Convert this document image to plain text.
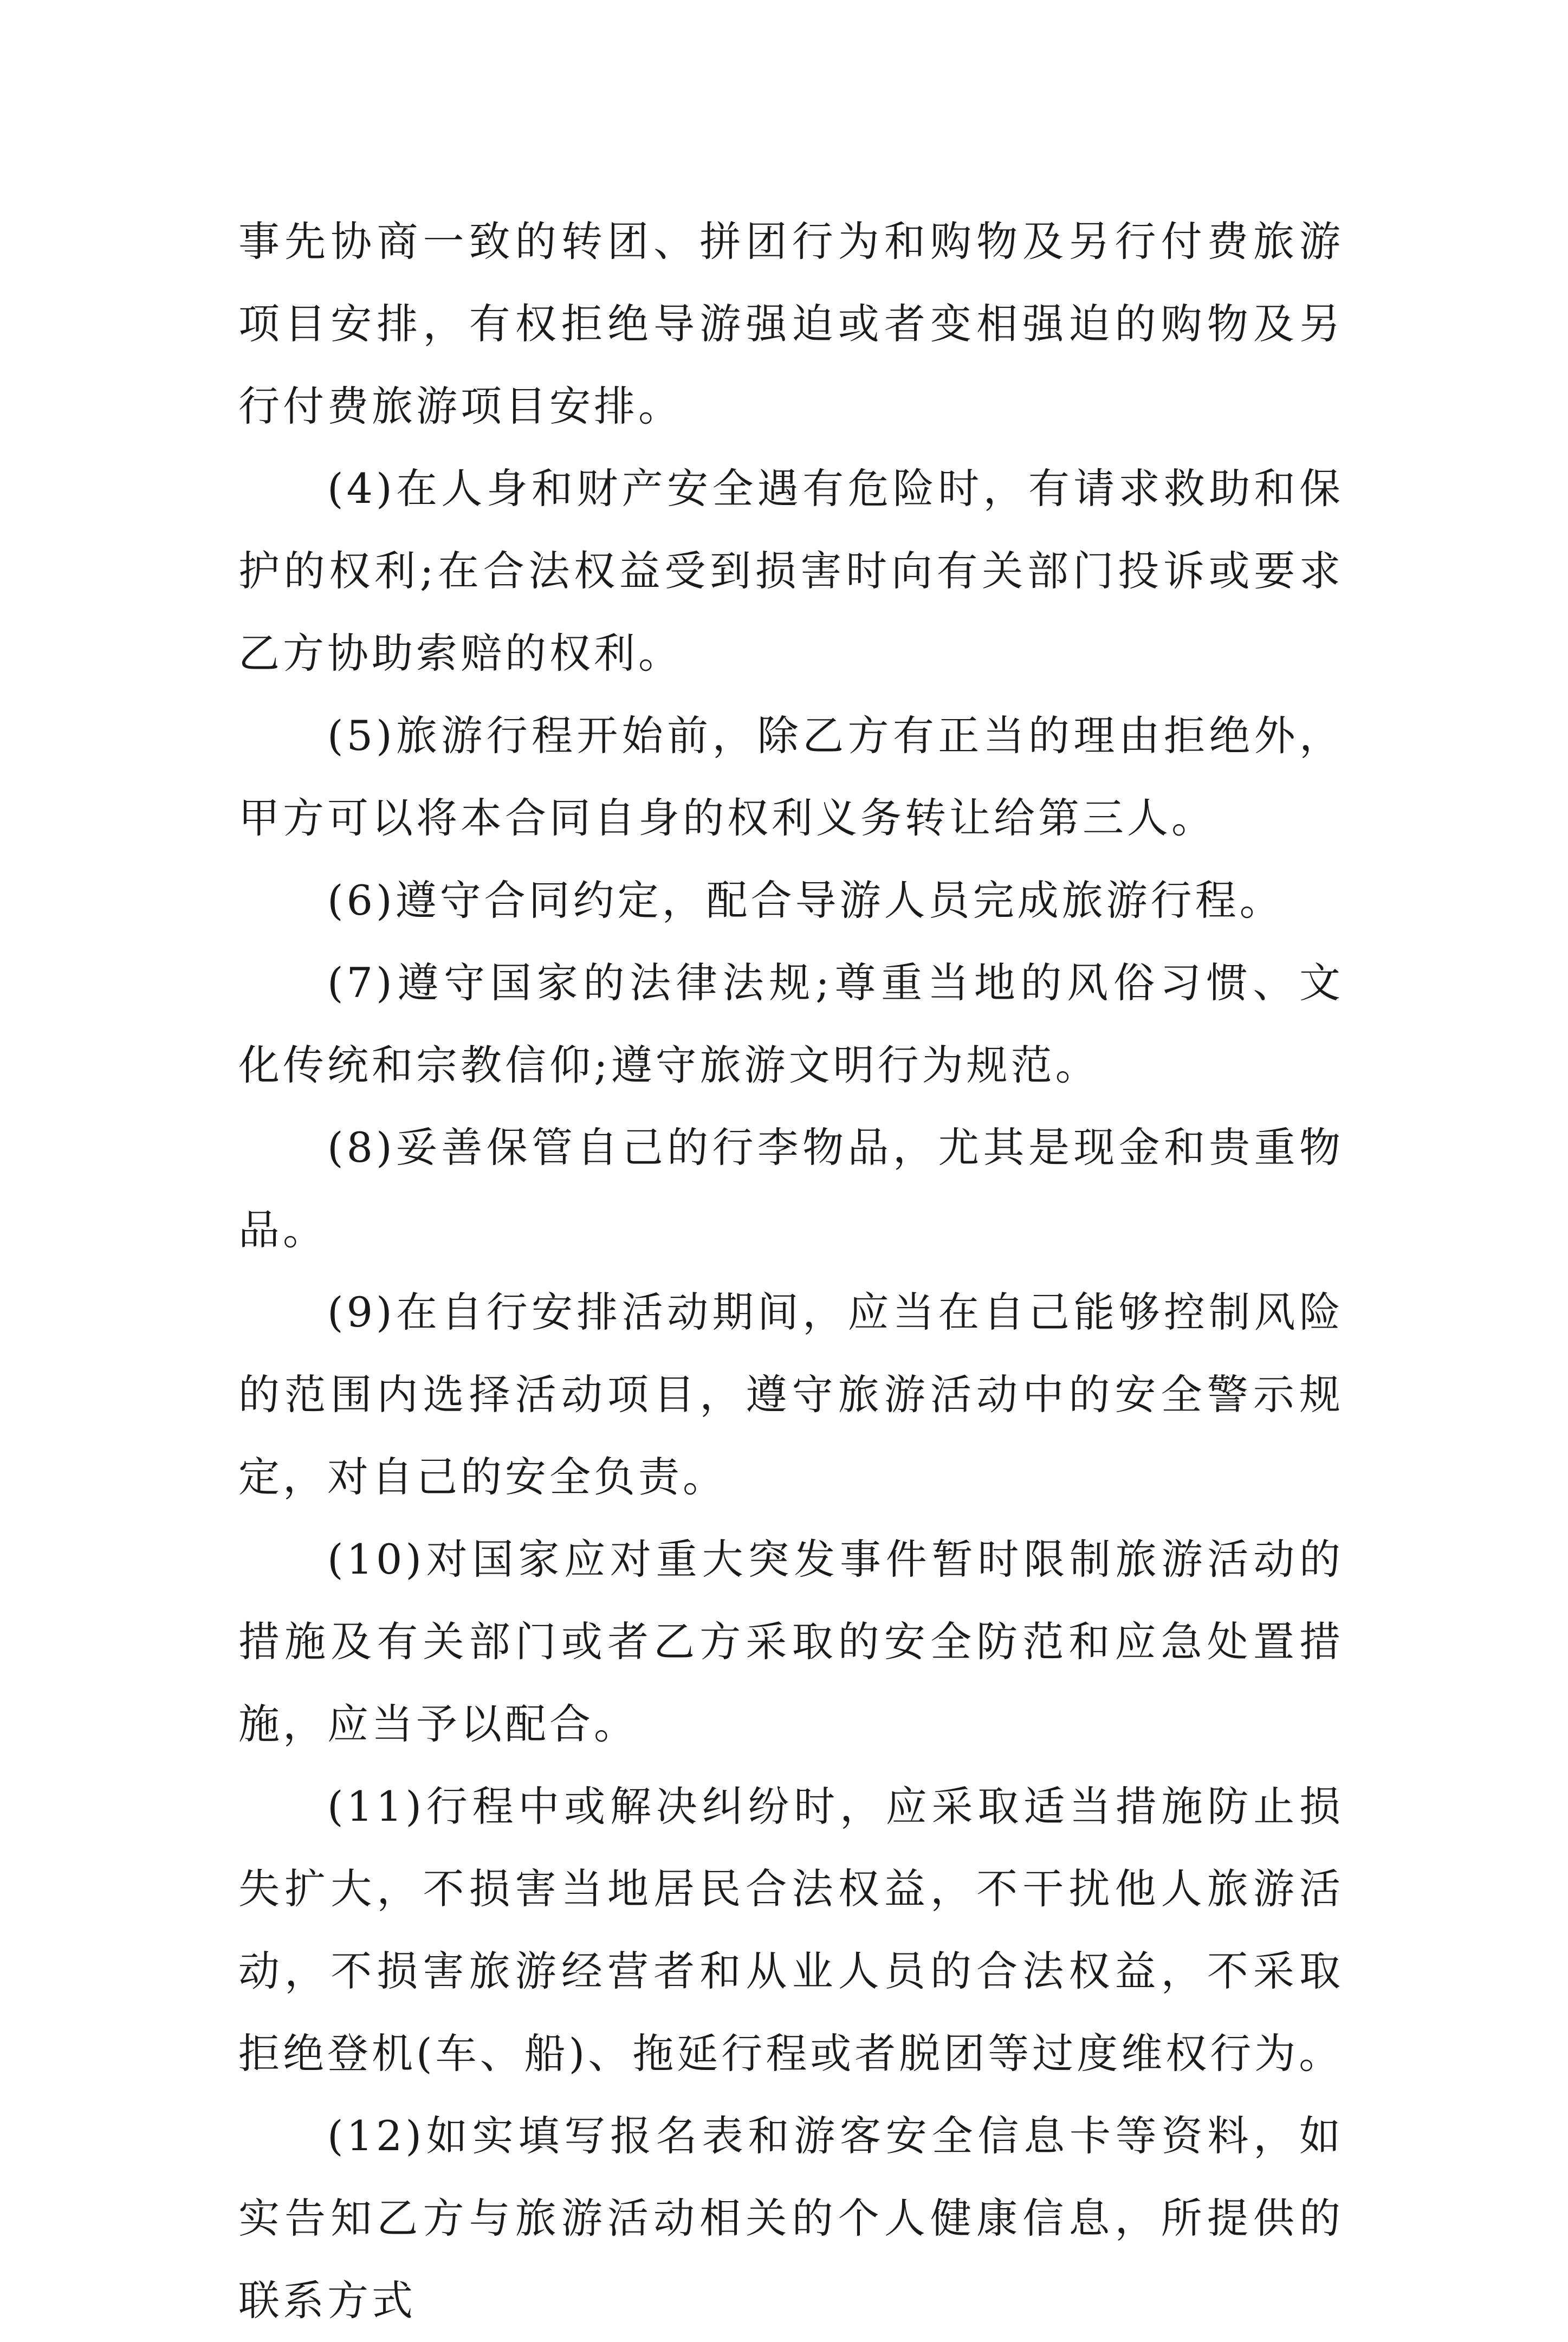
事先协商一致的转团、拼团行为和购物及另行付费旅游项目安排，有权拒绝导游强迫或者变相强迫的购物及另行付费旅游项目安排。

(4)在人身和财产安全遇有危险时，有请求救助和保护的权利;在合法权益受到损害时向有关部门投诉或要求乙方协助索赔的权利。

(5)旅游行程开始前，除乙方有正当的理由拒绝外，甲方可以将本合同自身的权利义务转让给第三人。

(6)遵守合同约定，配合导游人员完成旅游行程。

(7)遵守国家的法律法规;尊重当地的风俗习惯、文化传统和宗教信仰;遵守旅游文明行为规范。

(8)妥善保管自己的行李物品，尤其是现金和贵重物品。

(9)在自行安排活动期间，应当在自己能够控制风险的范围内选择活动项目，遵守旅游活动中的安全警示规定，对自己的安全负责。

(10)对国家应对重大突发事件暂时限制旅游活动的措施及有关部门或者乙方采取的安全防范和应急处置措施，应当予以配合。

(11)行程中或解决纠纷时，应采取适当措施防止损失扩大，不损害当地居民合法权益，不干扰他人旅游活动，不损害旅游经营者和从业人员的合法权益，不采取拒绝登机(车、船)、拖延行程或者脱团等过度维权行为。

(12)如实填写报名表和游客安全信息卡等资料，如实告知乙方与旅游活动相关的个人健康信息，所提供的联系方式
